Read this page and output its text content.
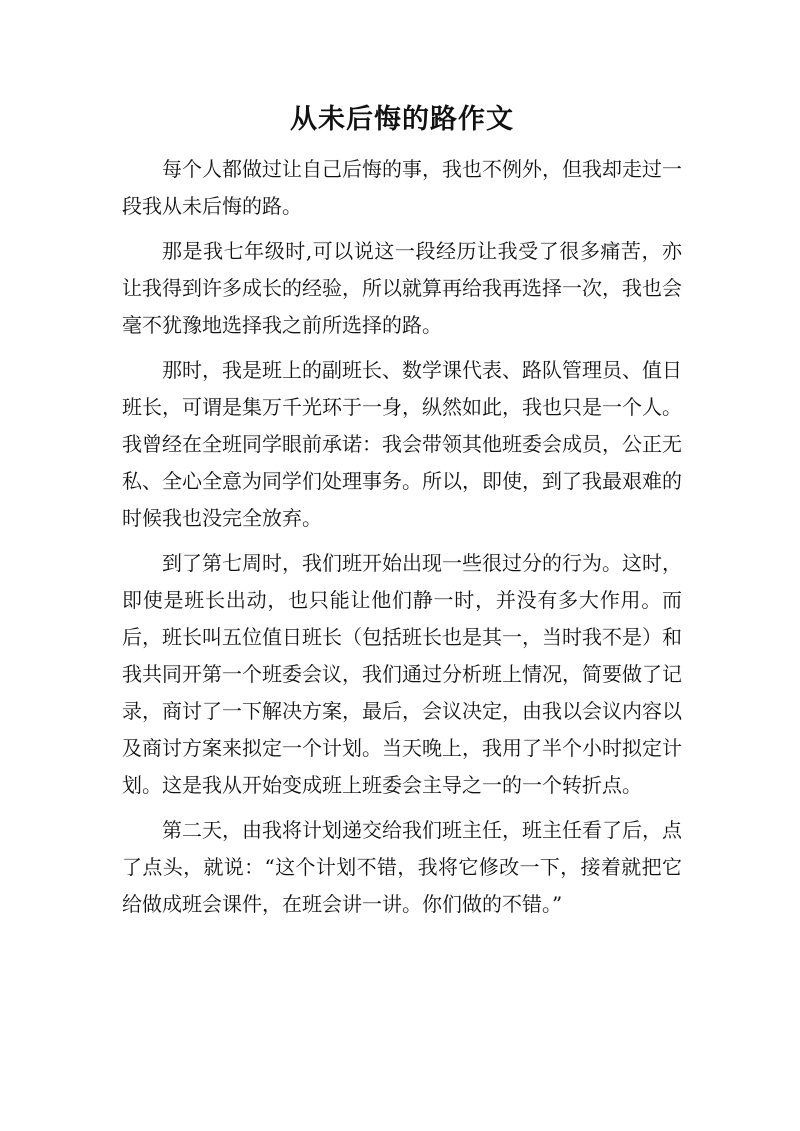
从未后悔的路作文

每个人都做过让自己后悔的事，我也不例外，但我却走过一段我从未后悔的路。

那是我七年级时,可以说这一段经历让我受了很多痛苦，亦让我得到许多成长的经验，所以就算再给我再选择一次，我也会毫不犹豫地选择我之前所选择的路。

那时，我是班上的副班长、数学课代表、路队管理员、值日班长，可谓是集万千光环于一身，纵然如此，我也只是一个人。我曾经在全班同学眼前承诺：我会带领其他班委会成员，公正无私、全心全意为同学们处理事务。所以，即使，到了我最艰难的时候我也没完全放弃。

到了第七周时，我们班开始出现一些很过分的行为。这时，即使是班长出动，也只能让他们静一时，并没有多大作用。而后，班长叫五位值日班长（包括班长也是其一，当时我不是）和我共同开第一个班委会议，我们通过分析班上情况，简要做了记录，商讨了一下解决方案，最后，会议决定，由我以会议内容以及商讨方案来拟定一个计划。当天晚上，我用了半个小时拟定计划。这是我从开始变成班上班委会主导之一的一个转折点。

第二天，由我将计划递交给我们班主任，班主任看了后，点了点头，就说：“这个计划不错，我将它修改一下，接着就把它给做成班会课件，在班会讲一讲。你们做的不错。”
